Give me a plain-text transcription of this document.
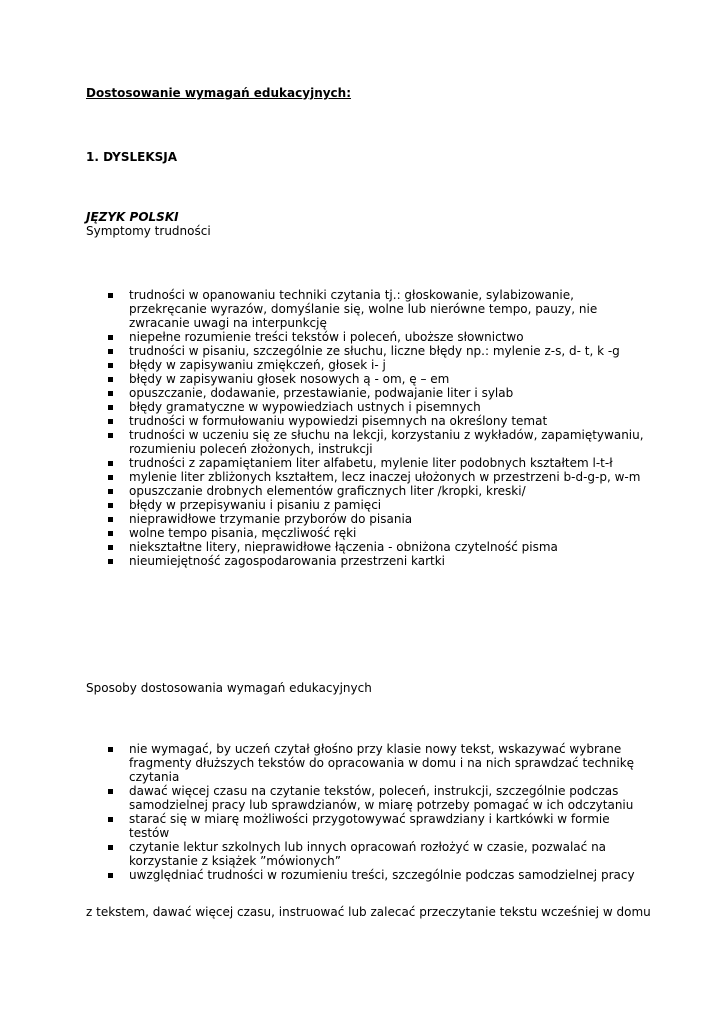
Dostosowanie wymagań edukacyjnych:
1. DYSLEKSJA
JĘZYK POLSKI
Symptomy trudności
trudności w opanowaniu techniki czytania tj.: głoskowanie, sylabizowanie, przekręcanie wyrazów, domyślanie się, wolne lub nierówne tempo, pauzy, nie zwracanie uwagi na interpunkcję
niepełne rozumienie treści tekstów i poleceń, uboższe słownictwo
trudności w pisaniu, szczególnie ze słuchu, liczne błędy np.: mylenie z-s, d- t, k -g
błędy w zapisywaniu zmiękczeń, głosek i- j
błędy w zapisywaniu głosek nosowych ą - om, ę – em
opuszczanie, dodawanie, przestawianie, podwajanie liter i sylab
błędy gramatyczne w wypowiedziach ustnych i pisemnych
trudności w formułowaniu wypowiedzi pisemnych na określony temat
trudności w uczeniu się ze słuchu na lekcji, korzystaniu z wykładów, zapamiętywaniu, rozumieniu poleceń złożonych, instrukcji
trudności z zapamiętaniem liter alfabetu, mylenie liter podobnych kształtem l-t-ł
mylenie liter zbliżonych kształtem, lecz inaczej ułożonych w przestrzeni b-d-g-p, w-m
opuszczanie drobnych elementów graficznych liter /kropki, kreski/
błędy w przepisywaniu i pisaniu z pamięci
nieprawidłowe trzymanie przyborów do pisania
wolne tempo pisania, męczliwość ręki
niekształtne litery, nieprawidłowe łączenia - obniżona czytelność pisma
nieumiejętność zagospodarowania przestrzeni kartki
Sposoby dostosowania wymagań edukacyjnych
nie wymagać, by uczeń czytał głośno przy klasie nowy tekst, wskazywać wybrane fragmenty dłuższych tekstów do opracowania w domu i na nich sprawdzać technikę czytania
dawać więcej czasu na czytanie tekstów, poleceń, instrukcji, szczególnie podczas samodzielnej pracy lub sprawdzianów, w miarę potrzeby pomagać w ich odczytaniu
starać się w miarę możliwości przygotowywać sprawdziany i kartkówki w formie testów
czytanie lektur szkolnych lub innych opracowań rozłożyć w czasie, pozwalać na korzystanie z książek ”mówionych”
uwzględniać trudności w rozumieniu treści, szczególnie podczas samodzielnej pracy
z tekstem, dawać więcej czasu, instruować lub zalecać przeczytanie tekstu wcześniej w domu
